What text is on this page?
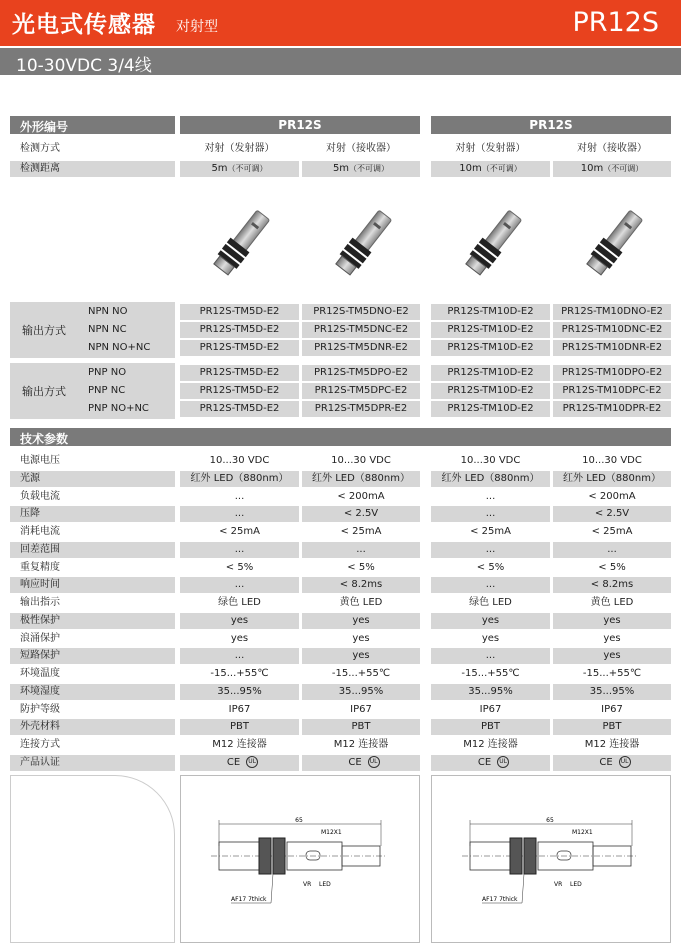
光电式传感器 对射型	PR12S
10-30VDC 3/4线
外形编号	PR12S	PR12S
技术参数
65
M12X1
AF17 7thick
VR LED
65
M12X1
AF17 7thick
VR LED
检测方式	对射（发射器）	对射（接收器）	对射（发射器）	对射（接收器）
检测距离	5m（不可调）	5m（不可调）	10m（不可调）	10m（不可调）
输出方式
NPN NO	PR12S-TM5D-E2	PR12S-TM5DNO-E2	PR12S-TM10D-E2	PR12S-TM10DNO-E2
NPN NC	PR12S-TM5D-E2	PR12S-TM5DNC-E2	PR12S-TM10D-E2	PR12S-TM10DNC-E2
NPN NO+NC	PR12S-TM5D-E2	PR12S-TM5DNR-E2	PR12S-TM10D-E2	PR12S-TM10DNR-E2
输出方式
PNP NO	PR12S-TM5D-E2	PR12S-TM5DPO-E2	PR12S-TM10D-E2	PR12S-TM10DPO-E2
PNP NC	PR12S-TM5D-E2	PR12S-TM5DPC-E2	PR12S-TM10D-E2	PR12S-TM10DPC-E2
PNP NO+NC	PR12S-TM5D-E2	PR12S-TM5DPR-E2	PR12S-TM10D-E2	PR12S-TM10DPR-E2
电源电压	10...30 VDC	10...30 VDC	10...30 VDC	10...30 VDC
光源	红外 LED（880nm）	红外 LED（880nm）	红外 LED（880nm）	红外 LED（880nm）
负载电流	...	< 200mA	...	< 200mA
压降	...	< 2.5V	...	< 2.5V
消耗电流	< 25mA	< 25mA	< 25mA	< 25mA
回差范围	...	...	...	...
重复精度	< 5%	< 5%	< 5%	< 5%
响应时间	...	< 8.2ms	...	< 8.2ms
输出指示	绿色 LED	黄色 LED	绿色 LED	黄色 LED
极性保护	yes	yes	yes	yes
浪涌保护	yes	yes	yes	yes
短路保护	...	yes	...	yes
环境温度	-15...+55℃	-15...+55℃	-15...+55℃	-15...+55℃
环境湿度	35...95%	35...95%	35...95%	35...95%
防护等级	IP67	IP67	IP67	IP67
外壳材料	PBT	PBT	PBT	PBT
连接方式	M12 连接器	M12 连接器	M12 连接器	M12 连接器
产品认证	CE UL	CE UL	CE UL	CE UL
